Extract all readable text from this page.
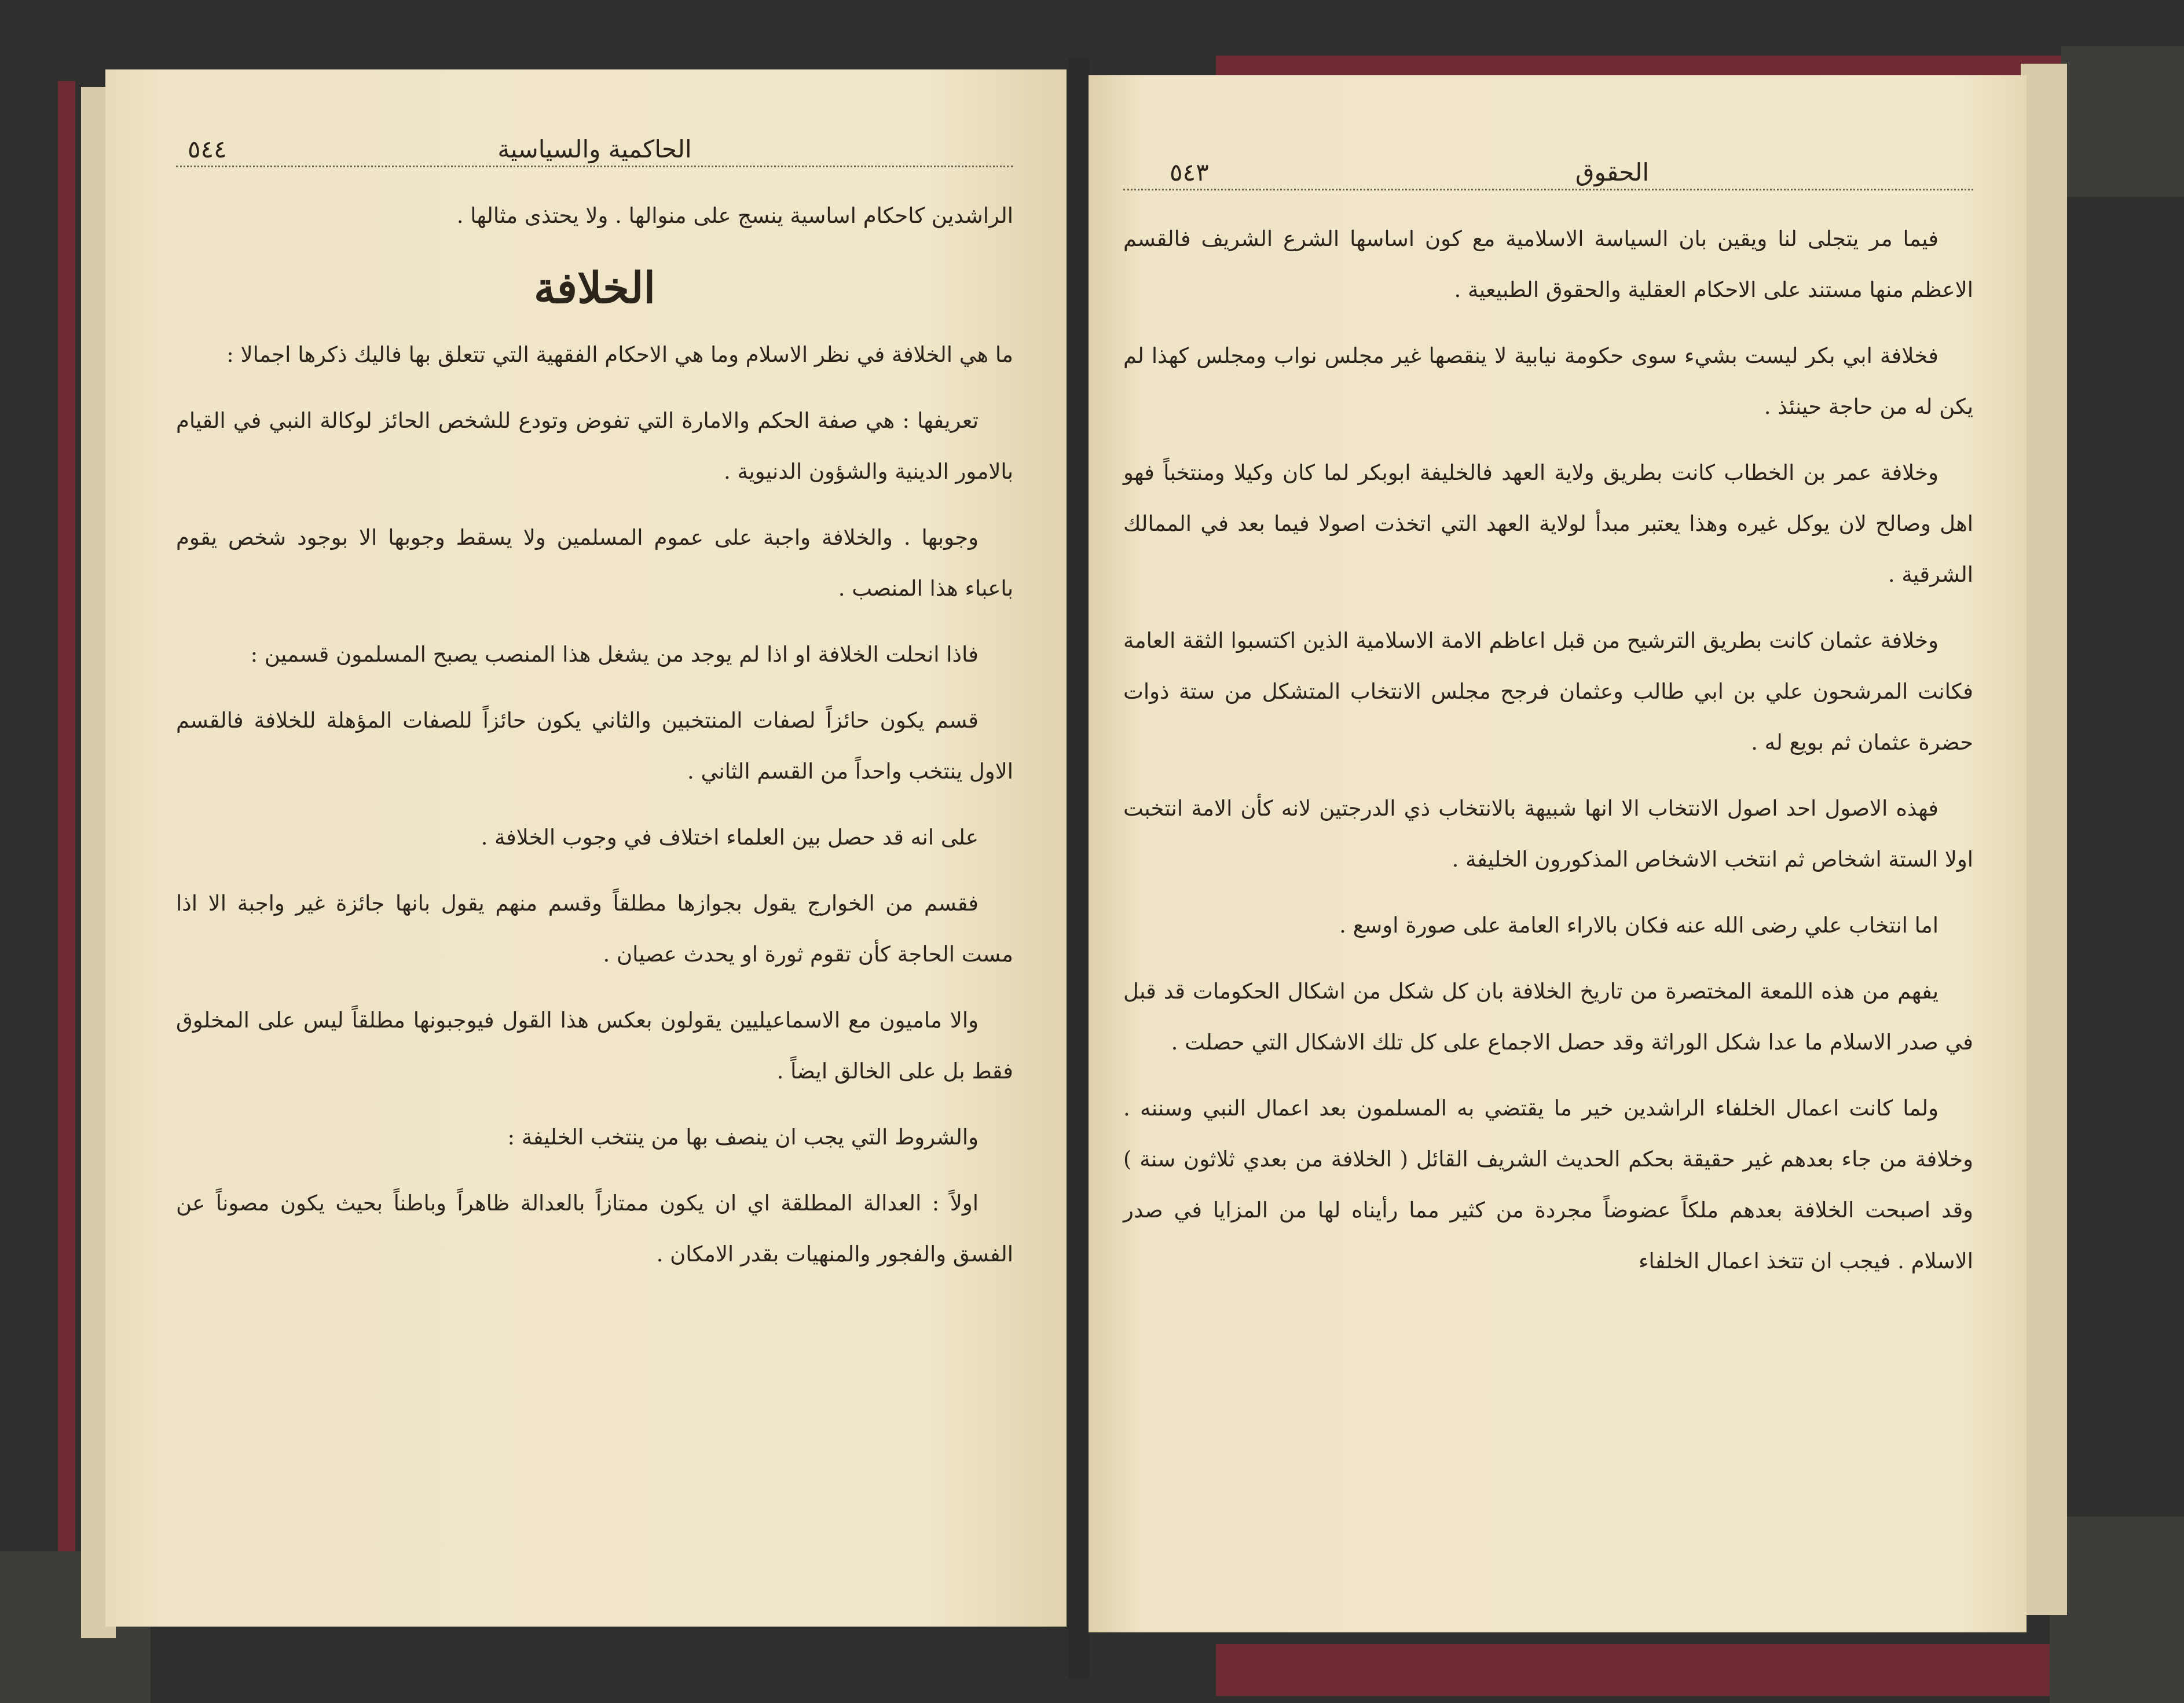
٥٤٤	الحاكمية والسياسية

الراشدين كاحكام اساسية ينسج على منوالها . ولا يحتذى مثالها .

الخلافة

ما هي الخلافة في نظر الاسلام وما هي الاحكام الفقهية التي تتعلق بها فاليك ذكرها اجمالا :

تعريفها : هي صفة الحكم والامارة التي تفوض وتودع للشخص الحائز لوكالة النبي في القيام بالامور الدينية والشؤون الدنيوية .

وجوبها . والخلافة واجبة على عموم المسلمين ولا يسقط وجوبها الا بوجود شخص يقوم باعباء هذا المنصب .

فاذا انحلت الخلافة او اذا لم يوجد من يشغل هذا المنصب يصبح المسلمون قسمين :

قسم يكون حائزاً لصفات المنتخبين والثاني يكون حائزاً للصفات المؤهلة للخلافة فالقسم الاول ينتخب واحداً من القسم الثاني .

على انه قد حصل بين العلماء اختلاف في وجوب الخلافة .

فقسم من الخوارج يقول بجوازها مطلقاً وقسم منهم يقول بانها جائزة غير واجبة الا اذا مست الحاجة كأن تقوم ثورة او يحدث عصيان .

والا ماميون مع الاسماعيليين يقولون بعكس هذا القول فيوجبونها مطلقاً ليس على المخلوق فقط بل على الخالق ايضاً .

والشروط التي يجب ان ينصف بها من ينتخب الخليفة :

اولاً : العدالة المطلقة اي ان يكون ممتازاً بالعدالة ظاهراً وباطناً بحيث يكون مصوناً عن الفسق والفجور والمنهيات بقدر الامكان .

٥٤٣	الحقوق

فيما مر يتجلى لنا ويقين بان السياسة الاسلامية مع كون اساسها الشرع الشريف فالقسم الاعظم منها مستند على الاحكام العقلية والحقوق الطبيعية .

فخلافة ابي بكر ليست بشيء سوى حكومة نيابية لا ينقصها غير مجلس نواب ومجلس كهذا لم يكن له من حاجة حينئذ .

وخلافة عمر بن الخطاب كانت بطريق ولاية العهد فالخليفة ابوبكر لما كان وكيلا ومنتخباً فهو اهل وصالح لان يوكل غيره وهذا يعتبر مبدأ لولاية العهد التي اتخذت اصولا فيما بعد في الممالك الشرقية .

وخلافة عثمان كانت بطريق الترشيح من قبل اعاظم الامة الاسلامية الذين اكتسبوا الثقة العامة فكانت المرشحون علي بن ابي طالب وعثمان فرجح مجلس الانتخاب المتشكل من ستة ذوات حضرة عثمان ثم بويع له .

فهذه الاصول احد اصول الانتخاب الا انها شبيهة بالانتخاب ذي الدرجتين لانه كأن الامة انتخبت اولا الستة اشخاص ثم انتخب الاشخاص المذكورون الخليفة .

اما انتخاب علي رضى الله عنه فكان بالاراء العامة على صورة اوسع .

يفهم من هذه اللمعة المختصرة من تاريخ الخلافة بان كل شكل من اشكال الحكومات قد قبل في صدر الاسلام ما عدا شكل الوراثة وقد حصل الاجماع على كل تلك الاشكال التي حصلت .

ولما كانت اعمال الخلفاء الراشدين خير ما يقتضي به المسلمون بعد اعمال النبي وسننه . وخلافة من جاء بعدهم غير حقيقة بحكم الحديث الشريف القائل ( الخلافة من بعدي ثلاثون سنة ) وقد اصبحت الخلافة بعدهم ملكاً عضوضاً مجردة من كثير مما رأيناه لها من المزايا في صدر الاسلام . فيجب ان تتخذ اعمال الخلفاء
